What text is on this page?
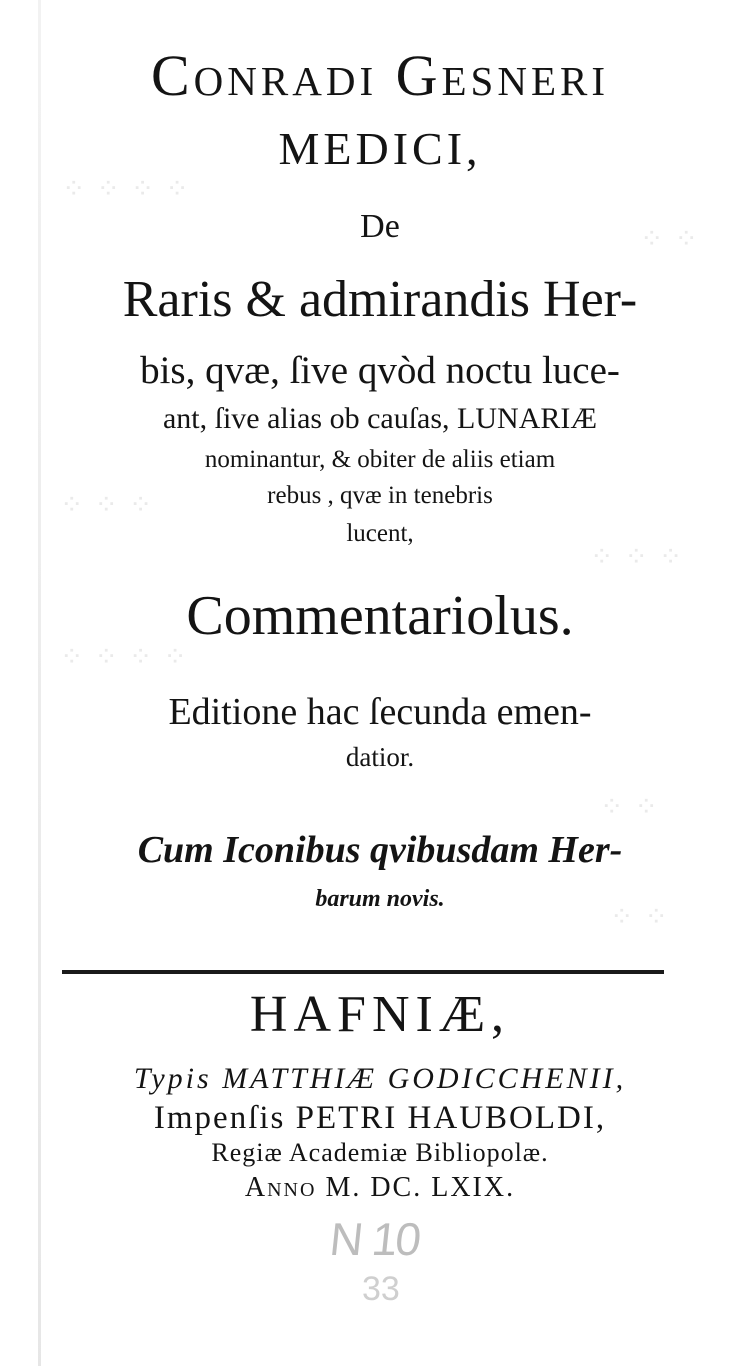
⁘ ⁘ ⁘ ⁘
⁘ ⁘
⁘ ⁘ ⁘
⁘ ⁘ ⁘
⁘ ⁘ ⁘ ⁘
⁘ ⁘
⁘ ⁘
Conradi Gesneri
MEDICI,
De
Raris & admirandis Her-
bis, qvæ, ſive qvòd noctu luce-
ant, ſive alias ob cauſas, LUNARIÆ
nominantur, & obiter de aliis etiam
rebus , qvæ in tenebris
lucent,
Commentariolus.
Editione hac ſecunda emen-
datior.
Cum Iconibus qvibusdam Her-
barum novis.
HAFNIÆ,
Typis MATTHIÆ GODICCHENII,
Impenſis PETRI HAUBOLDI,
Regiæ Academiæ Bibliopolæ.
Anno M. DC. LXIX.
N 10
33
